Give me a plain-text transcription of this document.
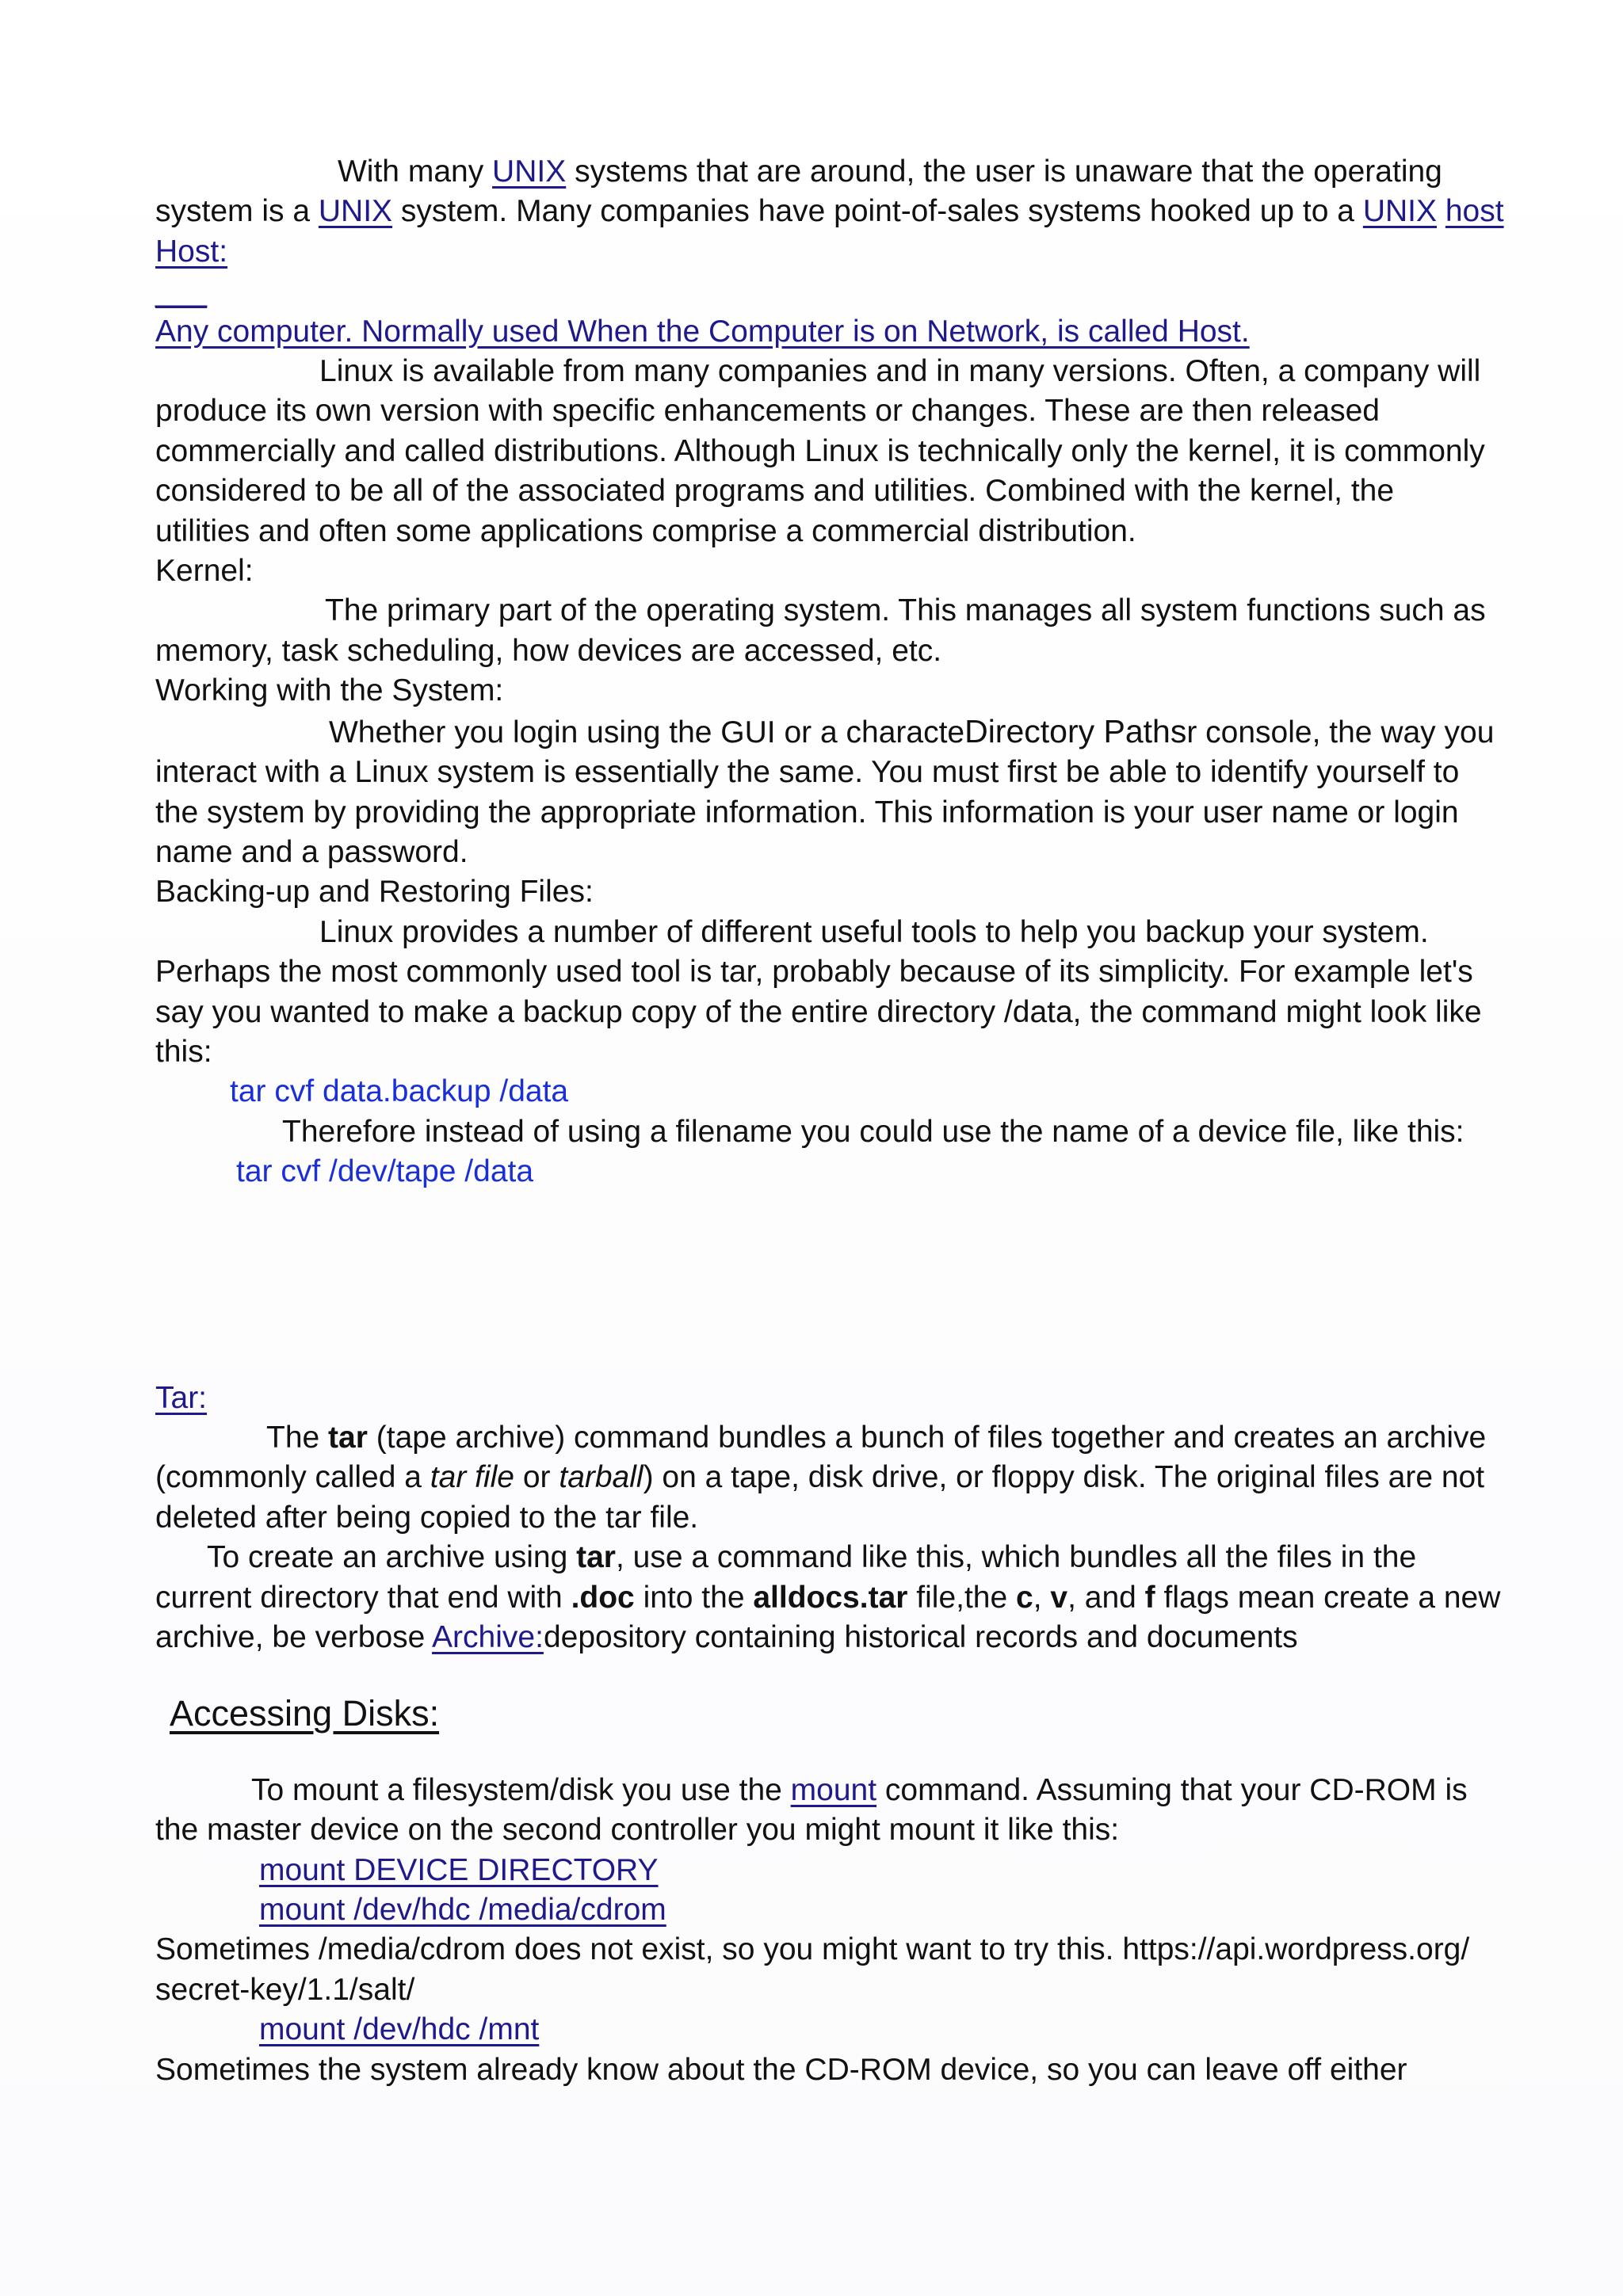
With many UNIX systems that are around, the user is unaware that the operating
system is a UNIX system. Many companies have point-of-sales systems hooked up to a UNIX host
Host:
___
Any computer. Normally used When the Computer is on Network, is called Host.
Linux is available from many companies and in many versions. Often, a company will
produce its own version with specific enhancements or changes. These are then released
commercially and called distributions. Although Linux is technically only the kernel, it is commonly
considered to be all of the associated programs and utilities. Combined with the kernel, the
utilities and often some applications comprise a commercial distribution.
Kernel:
The primary part of the operating system. This manages all system functions such as
memory, task scheduling, how devices are accessed, etc.
Working with the System:
Whether you login using the GUI or a characteDirectory Pathsr console, the way you
interact with a Linux system is essentially the same. You must first be able to identify yourself to
the system by providing the appropriate information. This information is your user name or login
name and a password.
Backing-up and Restoring Files:
Linux provides a number of different useful tools to help you backup your system.
Perhaps the most commonly used tool is tar, probably because of its simplicity. For example let's
say you wanted to make a backup copy of the entire directory /data, the command might look like
this:
tar cvf data.backup /data
Therefore instead of using a filename you could use the name of a device file, like this:
tar cvf /dev/tape /data
Tar:
The tar (tape archive) command bundles a bunch of files together and creates an archive
(commonly called a tar file or tarball) on a tape, disk drive, or floppy disk. The original files are not
deleted after being copied to the tar file.
To create an archive using tar, use a command like this, which bundles all the files in the
current directory that end with .doc into the alldocs.tar file,the c, v, and f flags mean create a new
archive, be verbose Archive:depository containing historical records and documents
Accessing Disks:
To mount a filesystem/disk you use the mount command. Assuming that your CD-ROM is
the master device on the second controller you might mount it like this:
mount DEVICE DIRECTORY
mount /dev/hdc /media/cdrom
Sometimes /media/cdrom does not exist, so you might want to try this. https://api.wordpress.org/
secret-key/1.1/salt/
mount /dev/hdc /mnt
Sometimes the system already know about the CD-ROM device, so you can leave off either
